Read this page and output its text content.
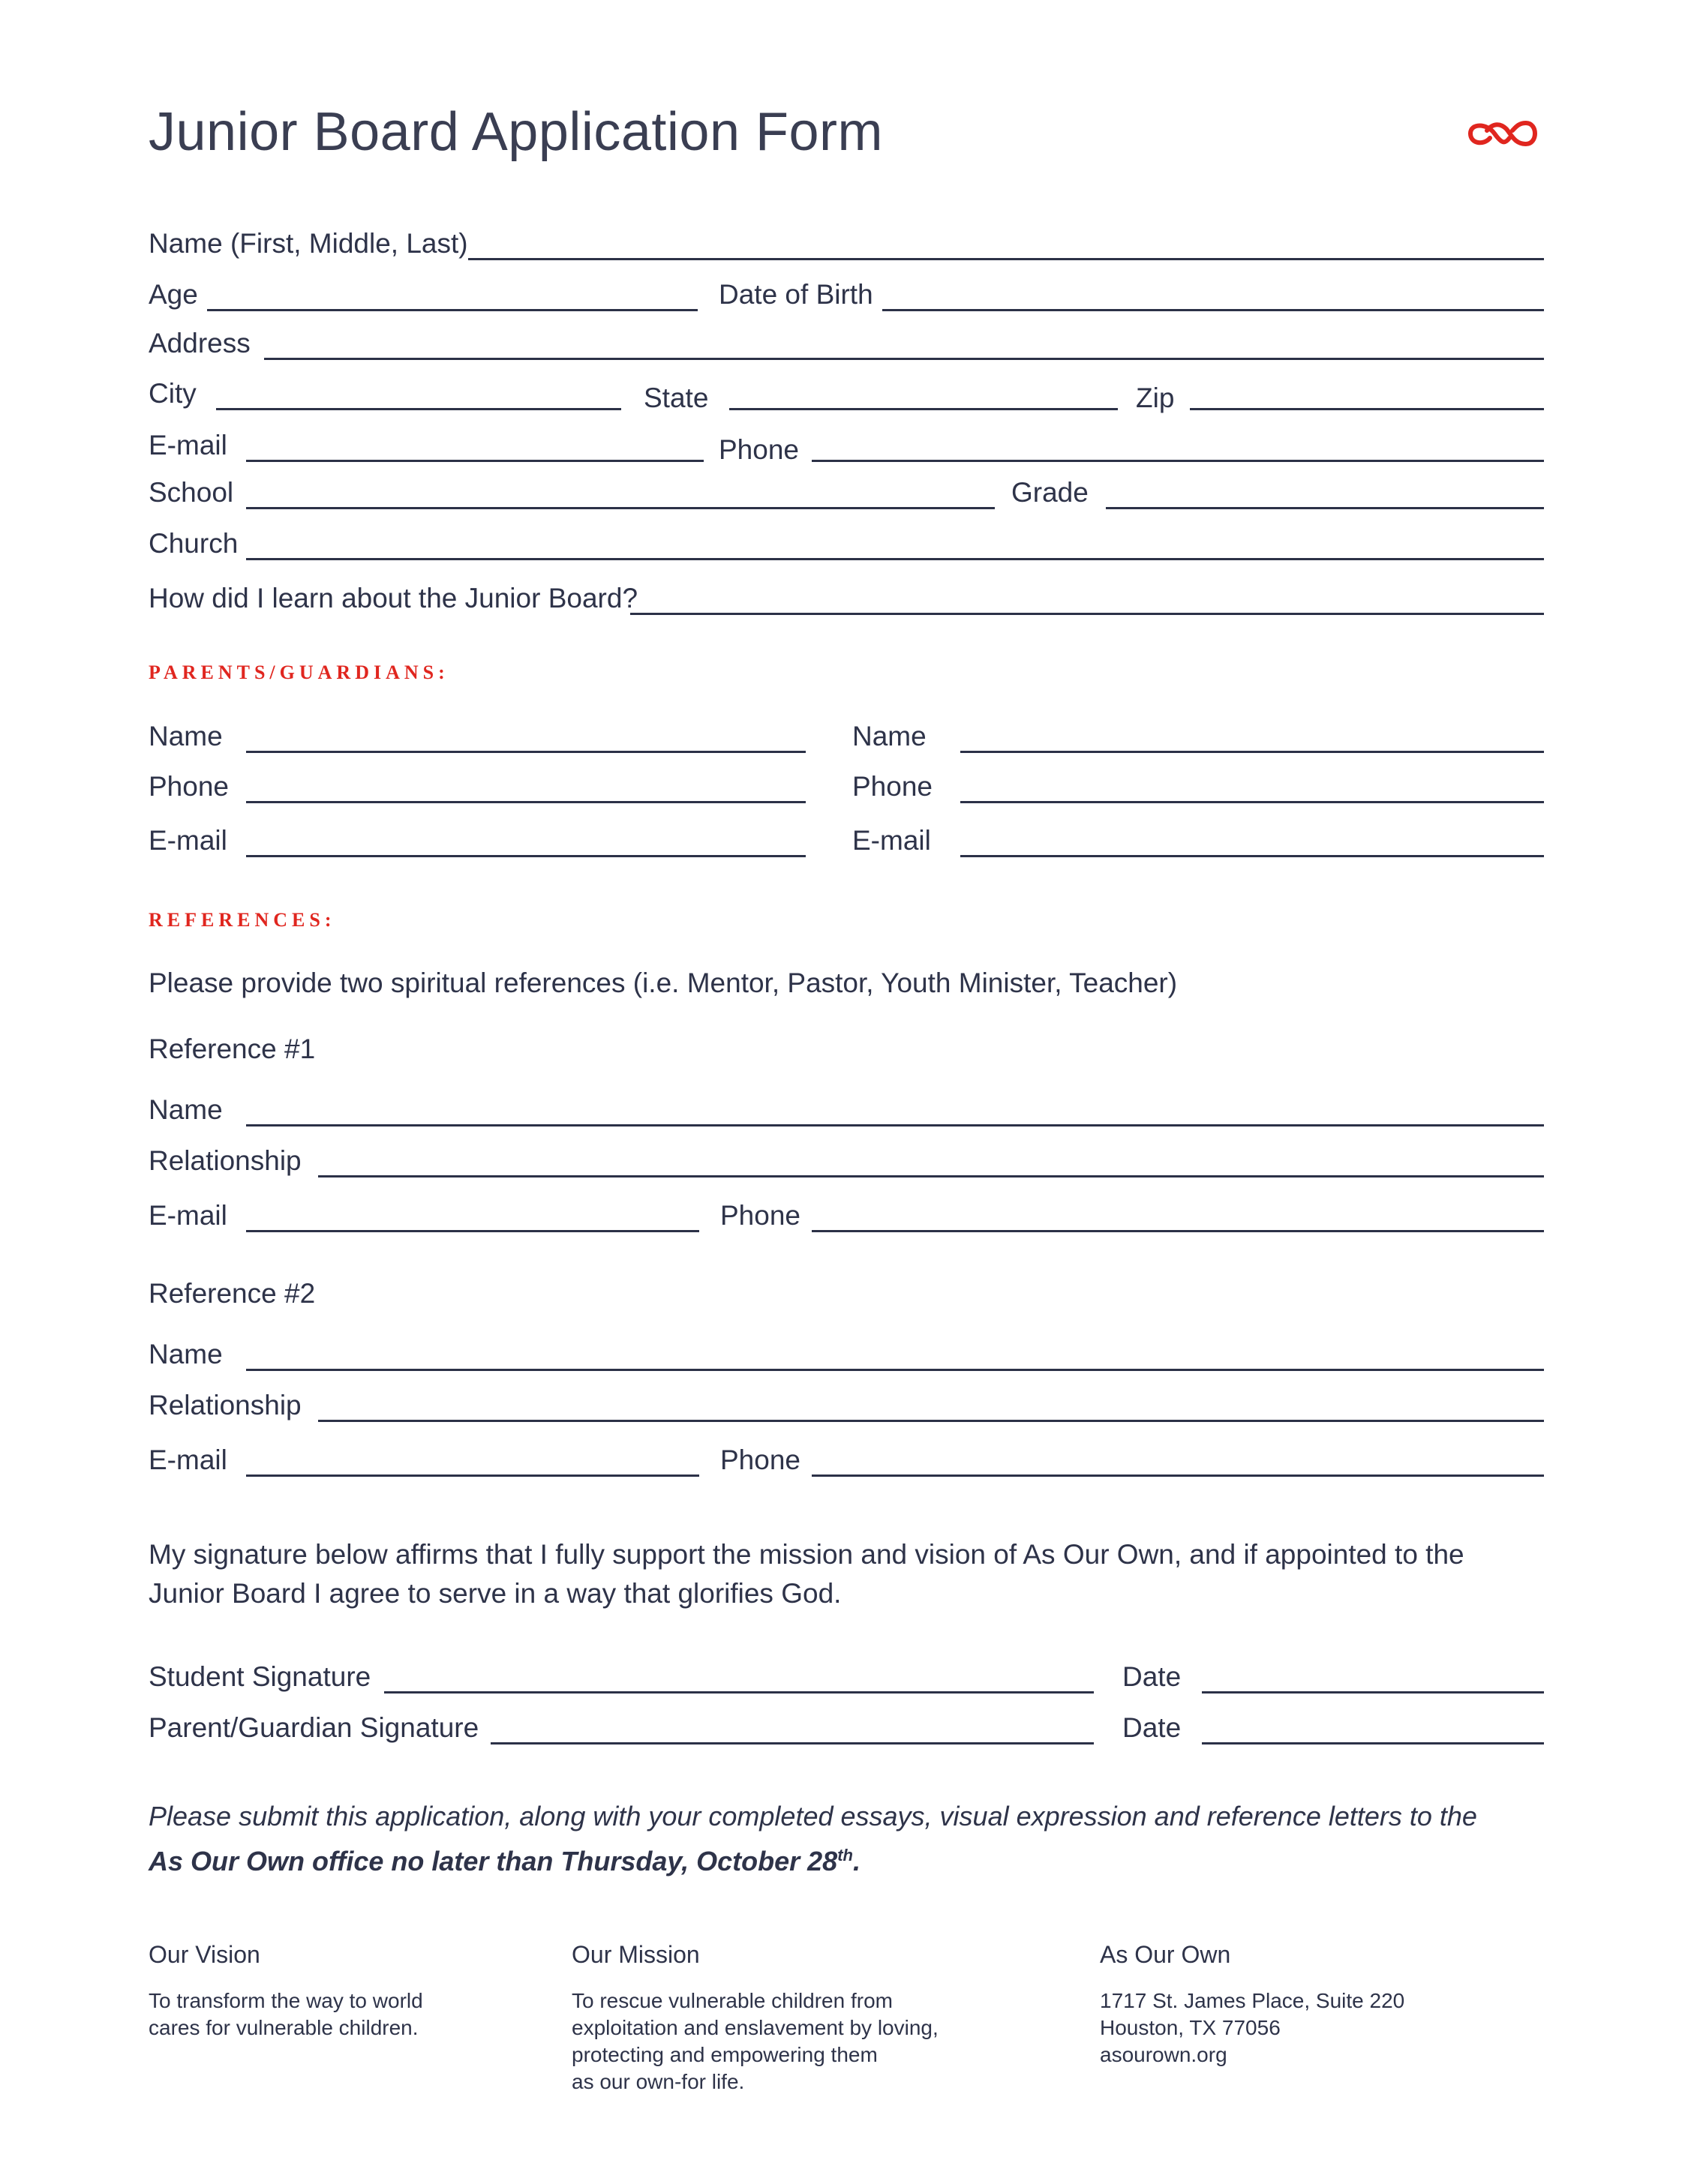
Junior Board Application Form
Name (First, Middle, Last)
Age	Date of Birth
Address
City	State	Zip
E-mail	Phone
School	Grade
Church
How did I learn about the Junior Board?
PARENTS/GUARDIANS:
Name	Name
Phone	Phone
E-mail	E-mail
REFERENCES:
Please provide two spiritual references (i.e. Mentor, Pastor, Youth Minister, Teacher)
Reference #1
Name
Relationship
E-mail	Phone
Reference #2
Name
Relationship
E-mail	Phone
My signature below affirms that I fully support the mission and vision of As Our Own, and if appointed to the
Junior Board I agree to serve in a way that glorifies God.
Student Signature	Date
Parent/Guardian Signature	Date
Please submit this application, along with your completed essays, visual expression and reference letters to the
As Our Own office no later than Thursday, October 28th.
Our Vision
To transform the way to world
cares for vulnerable children.
Our Mission
To rescue vulnerable children from
exploitation and enslavement by loving,
protecting and empowering them
as our own-for life.
As Our Own
1717 St. James Place, Suite 220
Houston, TX 77056
asourown.org
